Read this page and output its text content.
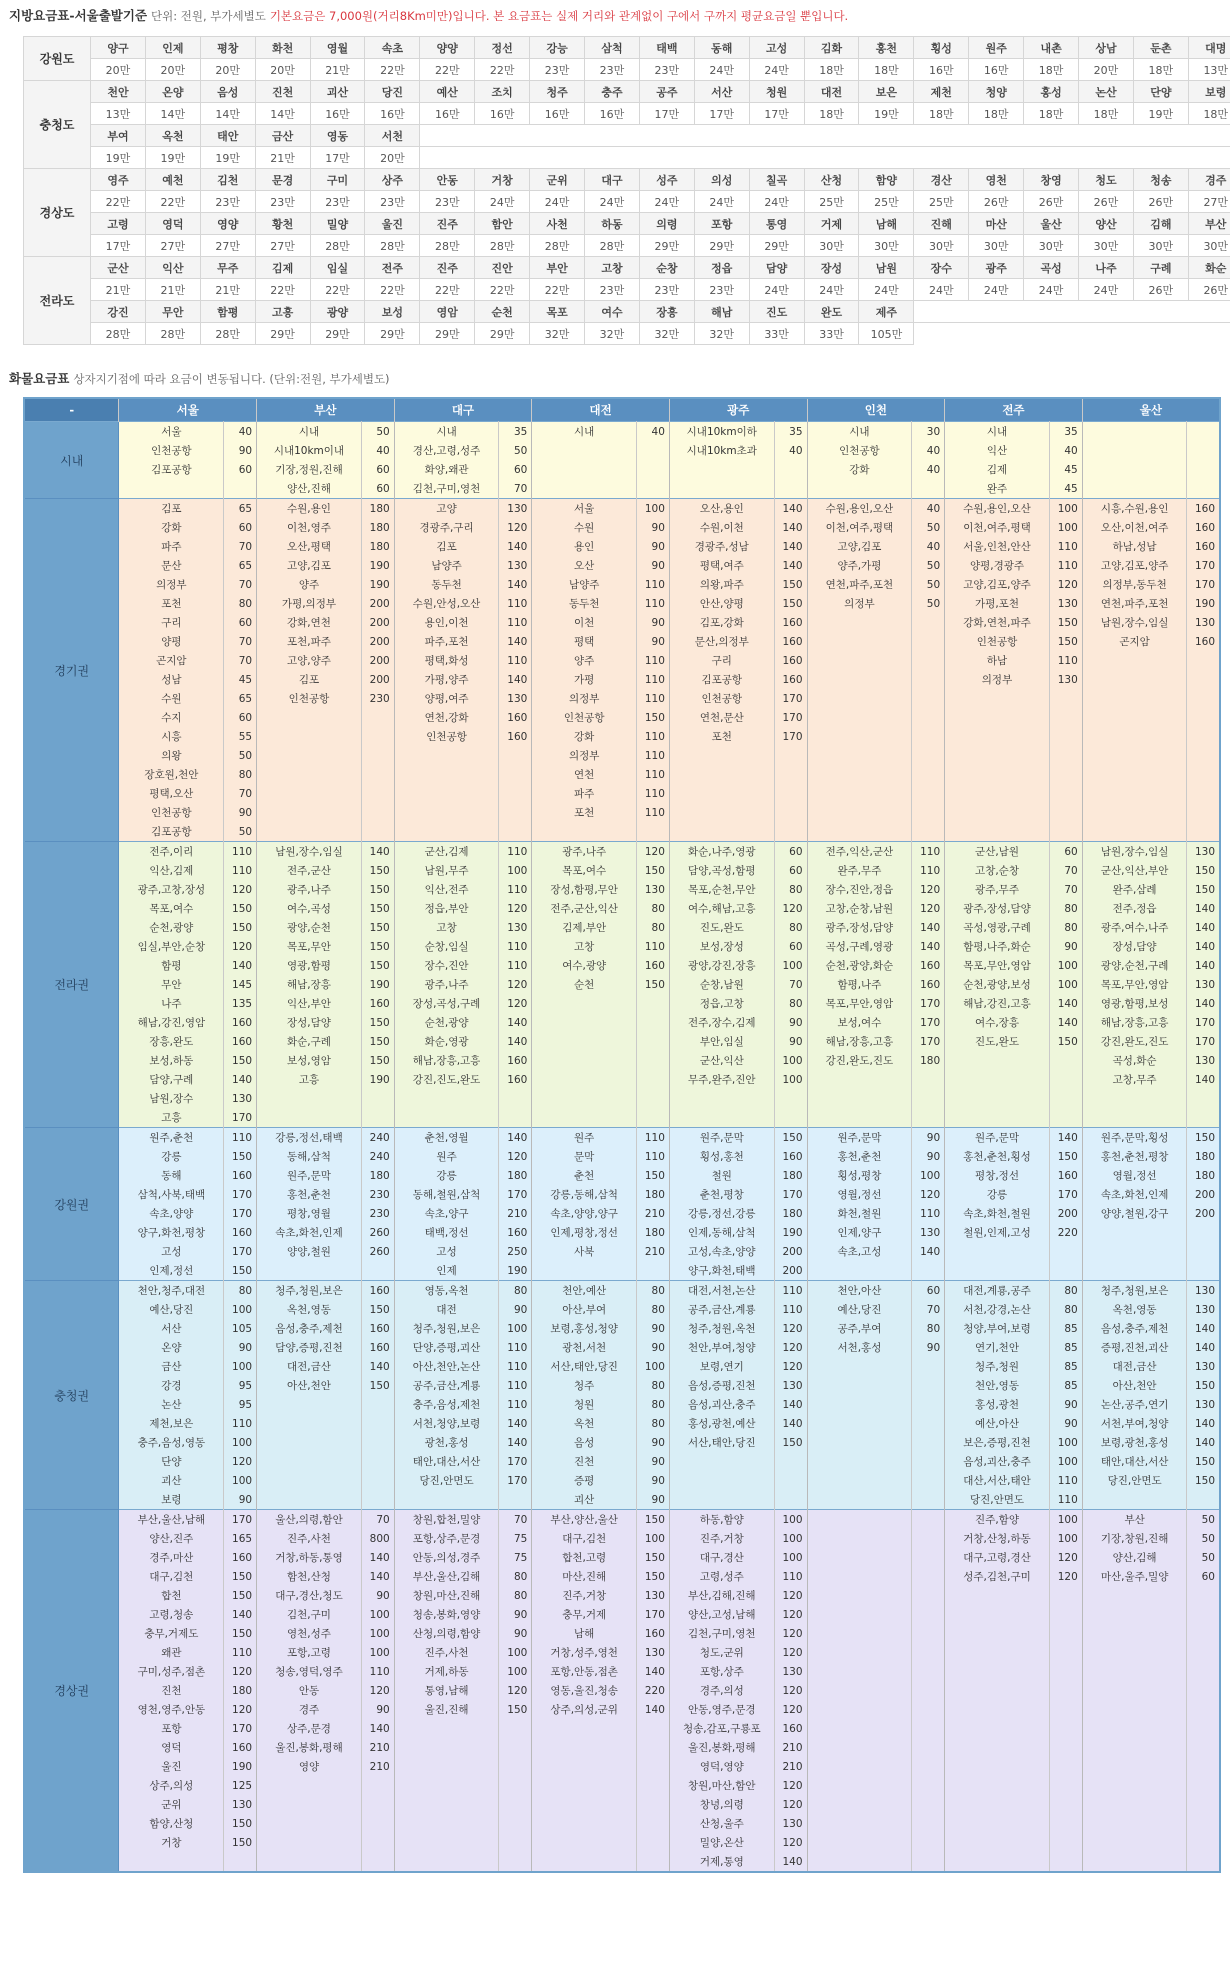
지방요금표-서울출발기준 단위: 전원, 부가세별도 기본요금은 7,000원(거리8Km미만)입니다. 본 요금표는 실제 거리와 관계없이 구에서 구까지 평균요금일 뿐입니다.
강원도	양구	인제	평창	화천	영월	속초	양양	정선	강능	삼척	태백	동해	고성	김화	홍천	횡성	원주	내촌	상남	둔촌	대명
	20만	20만	20만	20만	21만	22만	22만	22만	23만	23만	23만	24만	24만	18만	18만	16만	16만	18만	20만	18만	13만
충청도	천안	온양	음성	진천	괴산	당진	예산	조치	청주	충주	공주	서산	청원	대전	보은	제천	청양	홍성	논산	단양	보령
	13만	14만	14만	14만	16만	16만	16만	16만	16만	16만	17만	17만	17만	18만	19만	18만	18만	18만	18만	19만	18만
	부여	옥천	태안	금산	영동	서천															
	19만	19만	19만	21만	17만	20만															
경상도	영주	예천	김천	문경	구미	상주	안동	거창	군위	대구	성주	의성	칠곡	산청	함양	경산	영천	창영	청도	청송	경주
	22만	22만	23만	23만	23만	23만	23만	24만	24만	24만	24만	24만	24만	25만	25만	25만	26만	26만	26만	26만	27만
	고령	영덕	영양	황천	밀양	울진	진주	함안	사천	하동	의령	포항	통영	거제	남해	진해	마산	울산	양산	김해	부산
	17만	27만	27만	27만	28만	28만	28만	28만	28만	28만	29만	29만	29만	30만	30만	30만	30만	30만	30만	30만	30만
전라도	군산	익산	무주	김제	임실	전주	진주	진안	부안	고창	순창	정읍	담양	장성	남원	장수	광주	곡성	나주	구례	화순
	21만	21만	21만	22만	22만	22만	22만	22만	22만	23만	23만	23만	24만	24만	24만	24만	24만	24만	24만	26만	26만
	강진	무안	함평	고흥	광양	보성	영암	순천	목포	여수	장흥	해남	진도	완도	제주						
	28만	28만	28만	29만	29만	29만	29만	29만	32만	32만	32만	32만	33만	33만	105만						
화물요금표 상자지기점에 따라 요금이 변동됩니다. (단위:전원, 부가세별도)
-	서울		부산		대구		대전		광주		인천		전주		울산	
시내	서울	40	시내	50	시내	35	시내	40	시내10km이하	35	시내	30	시내	35		
	인천공항	90	시내10km이내	40	경산,고령,성주	50			시내10km초과	40	인천공항	40	익산	40		
	김포공항	60	기장,정원,진해	60	화양,왜관	60					강화	40	김제	45		
			양산,진해	60	김천,구미,영천	70							완주	45		
경기권	김포	65	수원,용인	180	고양	130	서울	100	오산,용인	140	수원,용인,오산	40	수원,용인,오산	100	시흥,수원,용인	160
	강화	60	이천,영주	180	경광주,구리	120	수원	90	수원,이천	140	이천,여주,평택	50	이천,여주,평택	100	오산,이천,여주	160
	파주	70	오산,평택	180	김포	140	용인	90	경광주,성남	140	고양,김포	40	서울,인천,안산	110	하남,성남	160
	문산	65	고양,김포	190	남양주	130	오산	90	평택,여주	140	양주,가평	50	양평,경광주	110	고양,김포,양주	170
	의정부	70	양주	190	동두천	140	남양주	110	의왕,파주	150	연천,파주,포천	50	고양,김포,양주	120	의정부,동두천	170
	포천	80	가평,의정부	200	수원,안성,오산	110	동두천	110	안산,양평	150	의정부	50	가평,포천	130	연천,파주,포천	190
	구리	60	강화,연천	200	용인,이천	110	이천	90	김포,강화	160			강화,연천,파주	150	남원,장수,임실	130
	양평	70	포천,파주	200	파주,포천	140	평택	90	문산,의정부	160			인천공항	150	곤지암	160
	곤지암	70	고양,양주	200	평택,화성	110	양주	110	구리	160			하남	110		
	성남	45	김포	200	가평,양주	140	가평	110	김포공항	160			의정부	130		
	수원	65	인천공항	230	양평,여주	130	의정부	110	인천공항	170						
	수지	60			연천,강화	160	인천공항	150	연천,문산	170						
	시흥	55			인천공항	160	강화	110	포천	170						
	의왕	50					의정부	110								
	장호원,천안	80					연천	110								
	평택,오산	70					파주	110								
	인천공항	90					포천	110								
	김포공항	50														
전라권	전주,이리	110	남원,장수,임실	140	군산,김제	110	광주,나주	120	화순,나주,영광	60	전주,익산,군산	110	군산,남원	60	남원,장수,임실	130
	익산,김제	110	전주,군산	150	남원,무주	100	목포,여수	150	담양,곡성,함평	60	완주,무주	110	고창,순창	70	군산,익산,부안	150
	광주,고창,장성	120	광주,나주	150	익산,전주	110	장성,함평,무안	130	목포,순천,무안	80	장수,진안,정읍	120	광주,무주	70	완주,삼례	150
	목포,여수	150	여수,곡성	150	정읍,부안	120	전주,군산,익산	80	여수,해남,고흥	120	고창,순창,남원	120	광주,장성,담양	80	전주,정읍	140
	순천,광양	150	광양,순천	150	고창	130	김제,부안	80	진도,완도	80	광주,장성,담양	140	곡성,영광,구례	80	광주,여수,나주	140
	임실,부안,순창	120	목포,무안	150	순창,임실	110	고창	110	보성,장성	60	곡성,구례,영광	140	함평,나주,화순	90	장성,담양	140
	함평	140	영광,함평	150	장수,진안	110	여수,광양	160	광양,강진,장흥	100	순천,광양,화순	160	목포,무안,영암	100	광양,순천,구례	140
	무안	145	해남,장흥	190	광주,나주	120	순천	150	순창,남원	70	함평,나주	160	순천,광양,보성	100	목포,무안,영암	130
	나주	135	익산,부안	160	장성,곡성,구례	120			정읍,고창	80	목포,무안,영암	170	해남,강진,고흥	140	영광,함평,보성	140
	해남,강진,영암	160	장성,담양	150	순천,광양	140			전주,장수,김제	90	보성,여수	170	여수,장흥	140	해남,장흥,고흥	170
	장흥,완도	160	화순,구례	150	화순,영광	140			부안,임실	90	해남,장흥,고흥	170	진도,완도	150	강진,완도,진도	170
	보성,하동	150	보성,영암	150	해남,장흥,고흥	160			군산,익산	100	강진,완도,진도	180			곡성,화순	130
	담양,구례	140	고흥	190	강진,진도,완도	160			무주,완주,진안	100					고창,무주	140
	남원,장수	130														
	고흥	170														
강원권	원주,춘천	110	강릉,정선,태백	240	춘천,영월	140	원주	110	원주,문막	150	원주,문막	90	원주,문막	140	원주,문막,횡성	150
	강릉	150	동해,삼척	240	원주	120	문막	110	횡성,홍천	160	홍천,춘천	90	홍천,춘천,횡성	150	홍천,춘천,평창	180
	동해	160	원주,문막	180	강릉	180	춘천	150	철원	180	횡성,평창	100	평창,정선	160	영월,정선	180
	삼척,사북,태백	170	홍천,춘천	230	동해,철원,삼척	170	강릉,동해,삼척	180	춘천,평창	170	영월,정선	120	강릉	170	속초,화천,인제	200
	속초,양양	170	평창,영월	230	속초,양구	210	속초,양양,양구	210	강릉,정선,강릉	180	화천,철원	110	속초,화천,철원	200	양양,철원,강구	200
	양구,화천,평창	160	속초,화천,인제	260	태백,정선	160	인제,평창,정선	180	인제,동해,삼척	190	인제,양구	130	철원,인제,고성	220		
	고성	170	양양,철원	260	고성	250	사북	210	고성,속초,양양	200	속초,고성	140				
	인제,정선	150			인제	190			양구,화천,태백	200						
충청권	천안,청주,대전	80	청주,청원,보은	160	영동,옥천	80	천안,예산	80	대전,서천,논산	110	천안,아산	60	대전,계룡,공주	80	청주,청원,보은	130
	예산,당진	100	옥천,영동	150	대전	90	아산,부여	80	공주,금산,계룡	110	예산,당진	70	서천,강경,논산	80	옥천,영동	130
	서산	105	음성,충주,제천	160	청주,청원,보은	100	보령,홍성,청양	90	청주,청원,옥천	120	공주,부여	80	청양,부여,보령	85	음성,충주,제천	140
	온양	90	담양,증평,진천	160	단양,증평,괴산	110	광천,서천	90	천안,부여,청양	120	서천,홍성	90	연기,천안	85	증평,진천,괴산	140
	금산	100	대전,금산	140	아산,천안,논산	110	서산,태안,당진	100	보령,연기	120			청주,청원	85	대전,금산	130
	강경	95	아산,천안	150	공주,금산,계룡	110	청주	80	음성,증평,진천	130			천안,영동	85	아산,천안	150
	논산	95			충주,음성,제천	110	청원	80	음성,괴산,충주	140			홍성,광천	90	논산,공주,연기	130
	제천,보은	110			서천,청양,보령	140	옥천	80	홍성,광천,예산	140			예산,아산	90	서천,부여,청양	140
	충주,음성,영동	100			광천,홍성	140	음성	90	서산,태안,당진	150			보은,증평,진천	100	보령,광천,홍성	140
	단양	120			태안,대산,서산	170	진천	90					음성,괴산,충주	100	태안,대산,서산	150
	괴산	100			당진,안면도	170	증평	90					대산,서산,태안	110	당진,안면도	150
	보령	90					괴산	90					당진,안면도	110		
경상권	부산,울산,남해	170	울산,의령,함안	70	창원,합천,밀양	70	부산,양산,울산	150	하동,함양	100			진주,함양	100	부산	50
	양산,진주	165	진주,사천	800	포항,상주,문경	75	대구,김천	100	진주,거창	100			거창,산청,하동	100	기장,창원,진해	50
	경주,마산	160	거창,하동,통영	140	안동,의성,경주	75	합천,고령	150	대구,경산	100			대구,고령,경산	120	양산,김해	50
	대구,김천	150	함천,산청	140	부산,울산,김해	80	마산,진해	150	고령,성주	110			성주,김천,구미	120	마산,울주,밀양	60
	합천	150	대구,경산,청도	90	창원,마산,진해	80	진주,거창	130	부산,김해,진해	120						
	고령,청송	140	김천,구미	100	청송,봉화,영양	90	충무,거제	170	양산,고성,남해	120						
	충무,거제도	150	영천,성주	100	산청,의령,함양	90	남해	160	김천,구미,영천	120						
	왜관	110	포항,고령	100	진주,사천	100	거창,성주,영천	130	청도,군위	120						
	구미,성주,점촌	120	청송,영덕,영주	110	거제,하동	100	포항,안동,점촌	140	포항,상주	130						
	진천	180	안동	120	통영,남해	120	영동,울진,청송	220	경주,의성	120						
	영천,영주,안동	120	경주	90	울진,진해	150	상주,의성,군위	140	안동,영주,문경	120						
	포항	170	상주,문경	140					청송,감포,구룡포	160						
	영덕	160	울진,봉화,평해	210					울진,봉화,평해	210						
	울진	190	영양	210					영덕,영양	210						
	상주,의성	125							창원,마산,함안	120						
	군위	130							창녕,의령	120						
	함양,산청	150							산청,울주	130						
	거창	150							밀양,온산	120						
									거제,통영	140						
